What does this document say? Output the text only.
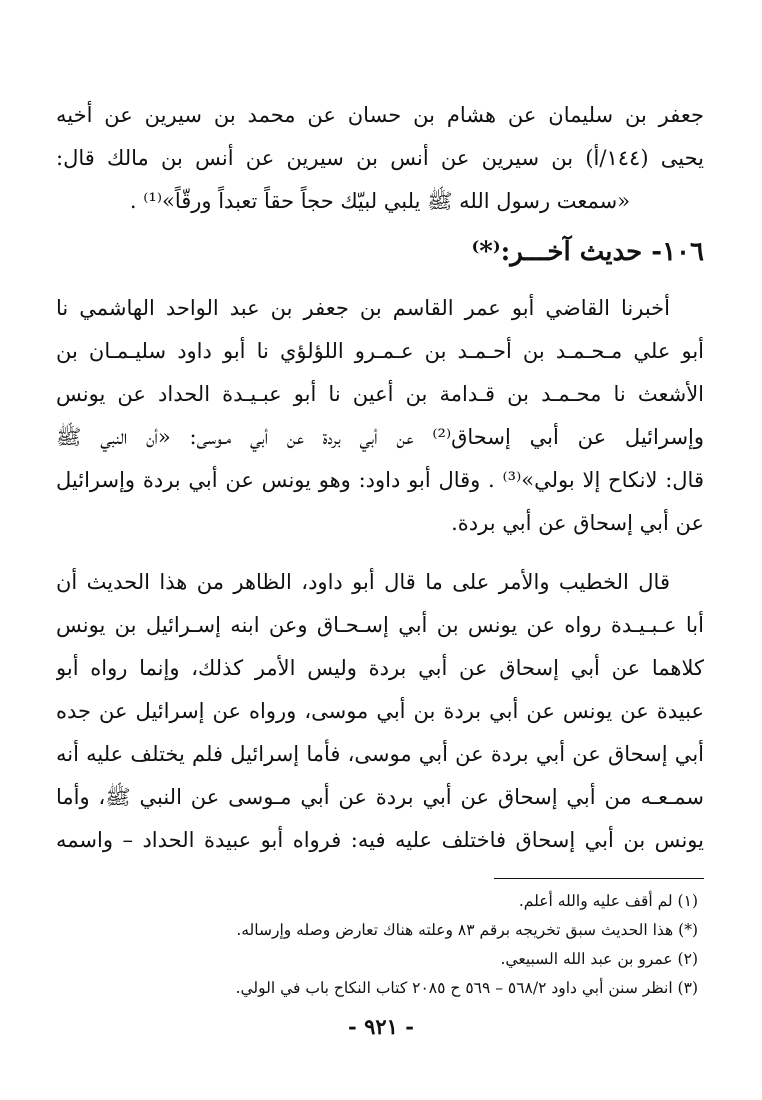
جعفر بن سليمان عن هشام بن حسان عن محمد بن سيرين عن أخيه
يحيى (١٤٤/أ) بن سيرين عن أنس بن سيرين عن أنس بن مالك قال:
«سمعت رسول الله ﷺ يلبي لبيّك حجاً حقاً تعبداً ورقّاً»⁽¹⁾ .
١٠٦- حديث آخـــر:⁽*⁾
أخبرنا القاضي أبو عمر القاسم بن جعفر بن عبد الواحد الهاشمي نا
أبو علي مـحـمـد بن أحـمـد بن عـمـرو اللؤلؤي نا أبو داود سليـمـان بن
الأشعث نا محـمـد بن قـدامة بن أعين نا أبو عبـيـدة الحداد عن يونس
وإسرائيل عن أبي إسحاق⁽²⁾ عن أبي بردة عن أبي مـوسى: «أن النبي ﷺ
قال: لانكاح إلا بولي»⁽³⁾ . وقال أبو داود: وهو يونس عن أبي بردة وإسرائيل
عن أبي إسحاق عن أبي بردة.
قال الخطيب والأمر على ما قال أبو داود، الظاهر من هذا الحديث أن
أبا عـبـيـدة رواه عن يونس بن أبي إسـحـاق وعن ابنه إسـرائيل بن يونس
كلاهما عن أبي إسحاق عن أبي بردة وليس الأمر كذلك، وإنما رواه أبو
عبيدة عن يونس عن أبي بردة بن أبي موسى، ورواه عن إسرائيل عن جده
أبي إسحاق عن أبي بردة عن أبي موسى، فأما إسرائيل فلم يختلف عليه أنه
سمـعـه من أبي إسحاق عن أبي بردة عن أبي مـوسى عن النبي ﷺ، وأما
يونس بن أبي إسحاق فاختلف عليه فيه: فرواه أبو عبيدة الحداد – واسمه
(١) لم أقف عليه والله أعلم.
(*) هذا الحديث سبق تخريجه برقم ٨٣ وعلته هناك تعارض وصله وإرساله.
(٢) عمرو بن عبد الله السبيعي.
(٣) انظر سنن أبي داود ٥٦٨/٢ – ٥٦٩ ح ٢٠٨٥ كتاب النكاح باب في الولي.
- ٩٢١ -
